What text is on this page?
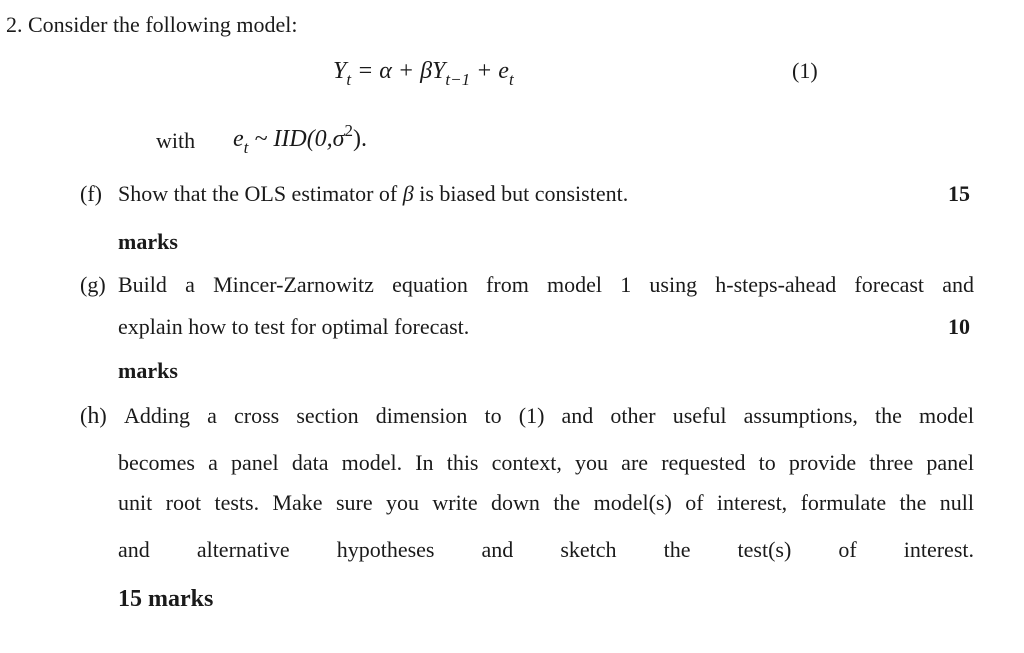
2. Consider the following model:
$Y_t = \alpha + \beta Y_{t-1} + e_t$	(1)
with $e_t$ ~ $IID(0,\sigma^2)$.
(f) Show that the OLS estimator of β is biased but consistent.	15
marks
(g) Build a Mincer-Zarnowitz equation from model 1 using h-steps-ahead forecast and
explain how to test for optimal forecast.	10
marks
(h) Adding a cross section dimension to (1) and other useful assumptions, the model
becomes a panel data model. In this context, you are requested to provide three panel
unit root tests. Make sure you write down the model(s) of interest, formulate the null
and alternative hypotheses and sketch the test(s) of interest.
15 marks
